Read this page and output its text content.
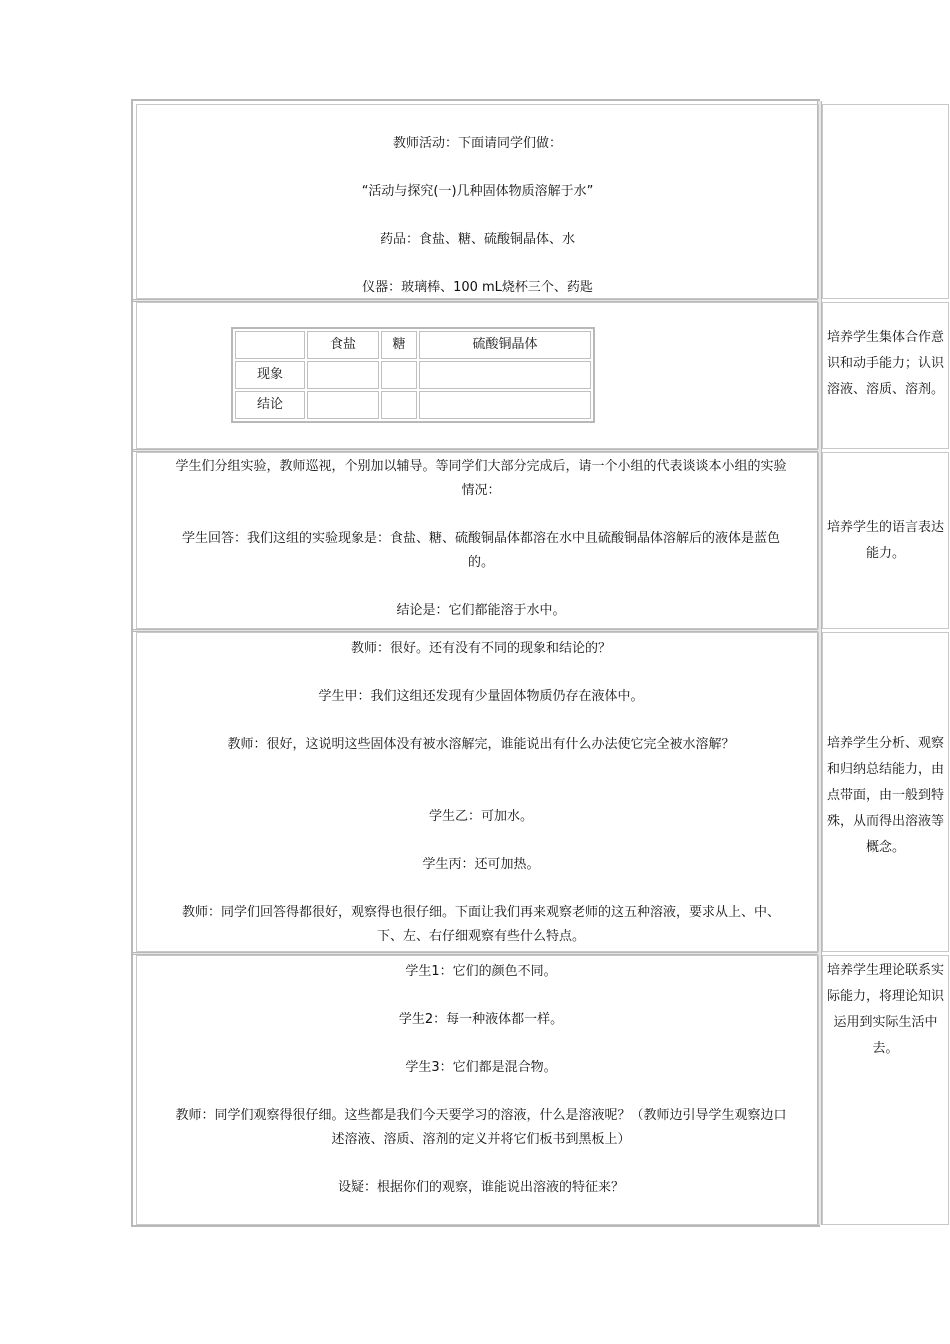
教师活动：下面请同学们做：
“活动与探究(一)几种固体物质溶解于水”
药品：食盐、糖、硫酸铜晶体、水
仪器：玻璃棒、100 mL烧杯三个、药匙
食盐	糖	硫酸铜晶体
现象
结论
培养学生集体合作意识和动手能力；认识溶液、溶质、溶剂。
学生们分组实验，教师巡视，个别加以辅导。等同学们大部分完成后，请一个小组的代表谈谈本小组的实验情况：
学生回答：我们这组的实验现象是：食盐、糖、硫酸铜晶体都溶在水中且硫酸铜晶体溶解后的液体是蓝色的。
结论是：它们都能溶于水中。
培养学生的语言表达能力。
教师：很好。还有没有不同的现象和结论的？
学生甲：我们这组还发现有少量固体物质仍存在液体中。
教师：很好，这说明这些固体没有被水溶解完，谁能说出有什么办法使它完全被水溶解？
学生乙：可加水。
学生丙：还可加热。
教师：同学们回答得都很好，观察得也很仔细。下面让我们再来观察老师的这五种溶液，要求从上、中、下、左、右仔细观察有些什么特点。
培养学生分析、观察和归纳总结能力，由点带面，由一般到特殊，从而得出溶液等概念。
学生1：它们的颜色不同。
学生2：每一种液体都一样。
学生3：它们都是混合物。
教师：同学们观察得很仔细。这些都是我们今天要学习的溶液，什么是溶液呢？（教师边引导学生观察边口述溶液、溶质、溶剂的定义并将它们板书到黑板上）
设疑：根据你们的观察，谁能说出溶液的特征来？
培养学生理论联系实际能力，将理论知识运用到实际生活中去。
